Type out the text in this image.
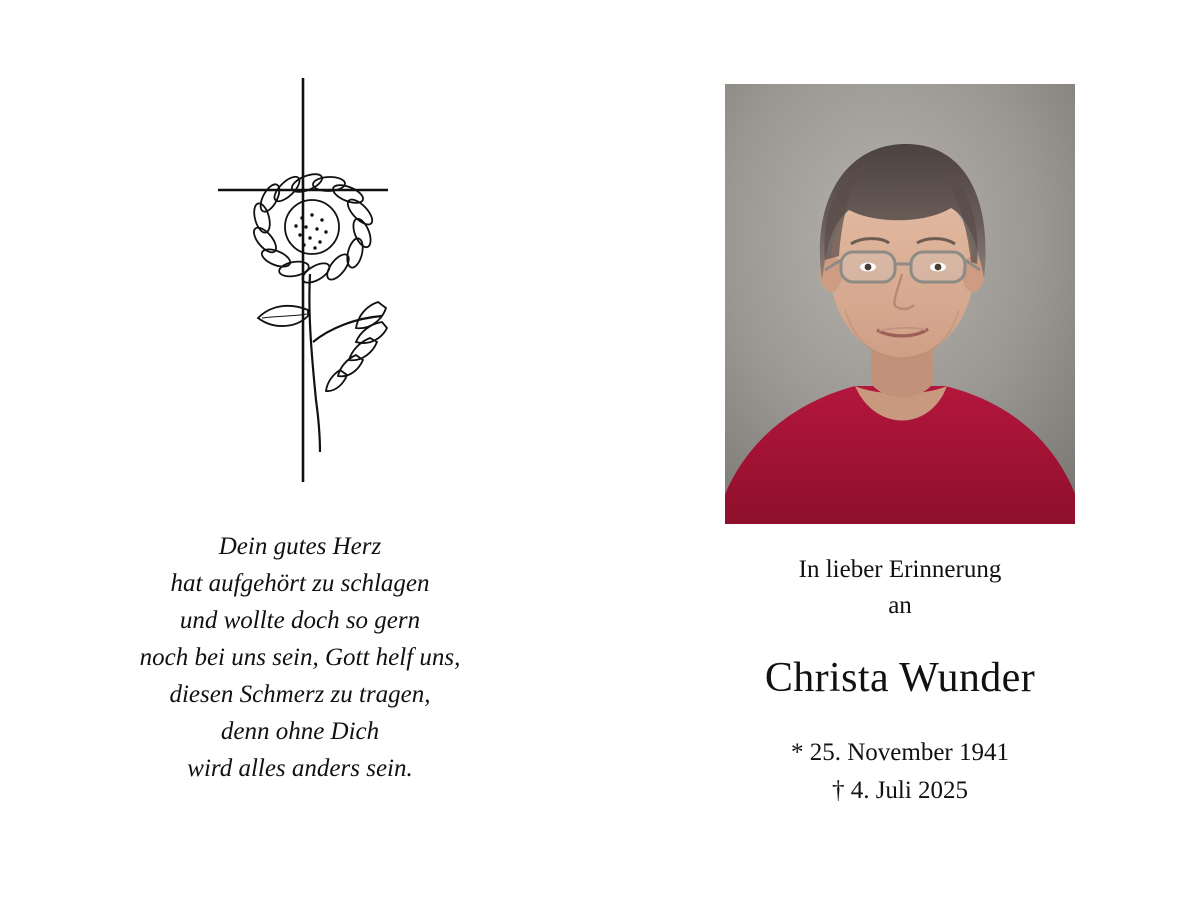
Dein gutes Herz
hat aufgehört zu schlagen
und wollte doch so gern
noch bei uns sein, Gott helf uns,
diesen Schmerz zu tragen,
denn ohne Dich
wird alles anders sein.
In lieber Erinnerung
an
Christa Wunder
* 25. November 1941
† 4. Juli 2025
